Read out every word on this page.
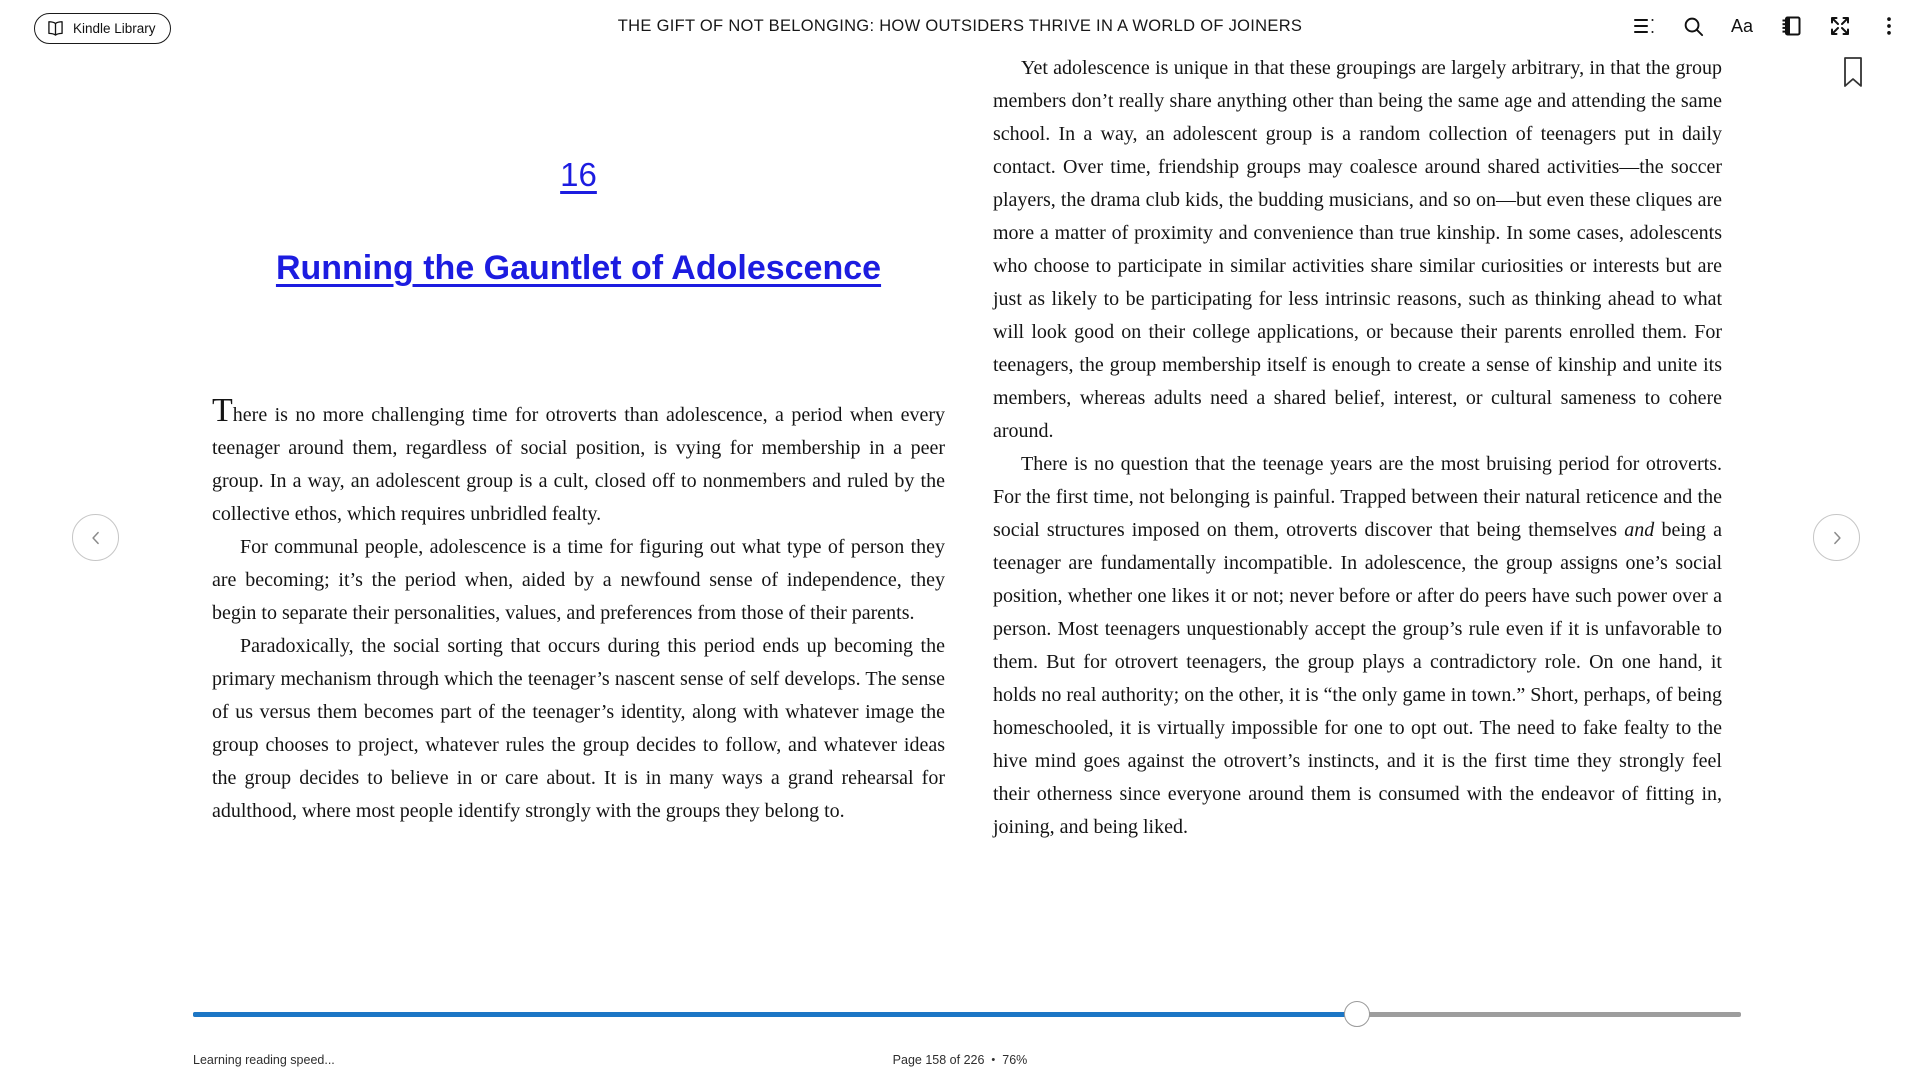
Kindle Library	THE GIFT OF NOT BELONGING: HOW OUTSIDERS THRIVE IN A WORLD OF JOINERS	Aa
16
Running the Gauntlet of Adolescence

There is no more challenging time for otroverts than adolescence, a period when every teenager around them, regardless of social position, is vying for membership in a peer group. In a way, an adolescent group is a cult, closed off to nonmembers and ruled by the collective ethos, which requires unbridled fealty.

For communal people, adolescence is a time for figuring out what type of person they are becoming; it’s the period when, aided by a newfound sense of independence, they begin to separate their personalities, values, and preferences from those of their parents.

Paradoxically, the social sorting that occurs during this period ends up becoming the primary mechanism through which the teenager’s nascent sense of self develops. The sense of us versus them becomes part of the teenager’s identity, along with whatever image the group chooses to project, whatever rules the group decides to follow, and whatever ideas the group decides to believe in or care about. It is in many ways a grand rehearsal for adulthood, where most people identify strongly with the groups they belong to.

Yet adolescence is unique in that these groupings are largely arbitrary, in that the group members don’t really share anything other than being the same age and attending the same school. In a way, an adolescent group is a random collection of teenagers put in daily contact. Over time, friendship groups may coalesce around shared activities—the soccer players, the drama club kids, the budding musicians, and so on—but even these cliques are more a matter of proximity and convenience than true kinship. In some cases, adolescents who choose to participate in similar activities share similar curiosities or interests but are just as likely to be participating for less intrinsic reasons, such as thinking ahead to what will look good on their college applications, or because their parents enrolled them. For teenagers, the group membership itself is enough to create a sense of kinship and unite its members, whereas adults need a shared belief, interest, or cultural sameness to cohere around.

There is no question that the teenage years are the most bruising period for otroverts. For the first time, not belonging is painful. Trapped between their natural reticence and the social structures imposed on them, otroverts discover that being themselves and being a teenager are fundamentally incompatible. In adolescence, the group assigns one’s social position, whether one likes it or not; never before or after do peers have such power over a person. Most teenagers unquestionably accept the group’s rule even if it is unfavorable to them. But for otrovert teenagers, the group plays a contradictory role. On one hand, it holds no real authority; on the other, it is “the only game in town.” Short, perhaps, of being homeschooled, it is virtually impossible for one to opt out. The need to fake fealty to the hive mind goes against the otrovert’s instincts, and it is the first time they strongly feel their otherness since everyone around them is consumed with the endeavor of fitting in, joining, and being liked.

Learning reading speed...	Page 158 of 226 • 76%
